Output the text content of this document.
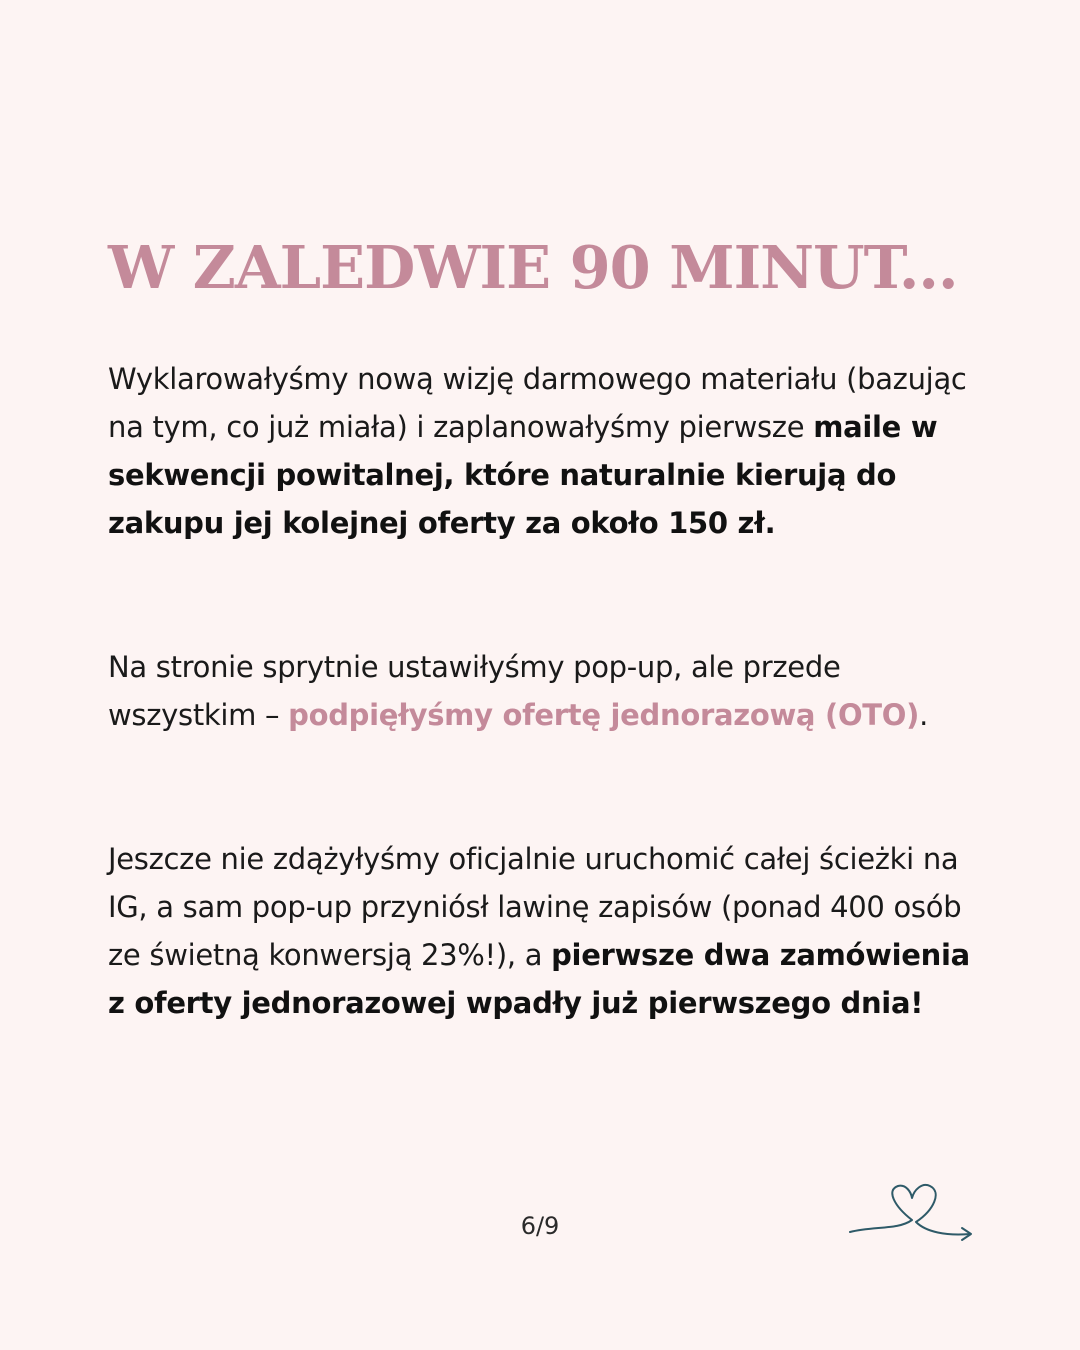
W ZALEDWIE 90 MINUT...

Wyklarowałyśmy nową wizję darmowego materiału (bazując na tym, co już miała) i zaplanowałyśmy pierwsze maile w sekwencji powitalnej, które naturalnie kierują do zakupu jej kolejnej oferty za około 150 zł.

Na stronie sprytnie ustawiłyśmy pop-up, ale przede wszystkim – podpięłyśmy ofertę jednorazową (OTO).

Jeszcze nie zdążyłyśmy oficjalnie uruchomić całej ścieżki na IG, a sam pop-up przyniósł lawinę zapisów (ponad 400 osób ze świetną konwersją 23%!), a pierwsze dwa zamówienia z oferty jednorazowej wpadły już pierwszego dnia!

6/9
